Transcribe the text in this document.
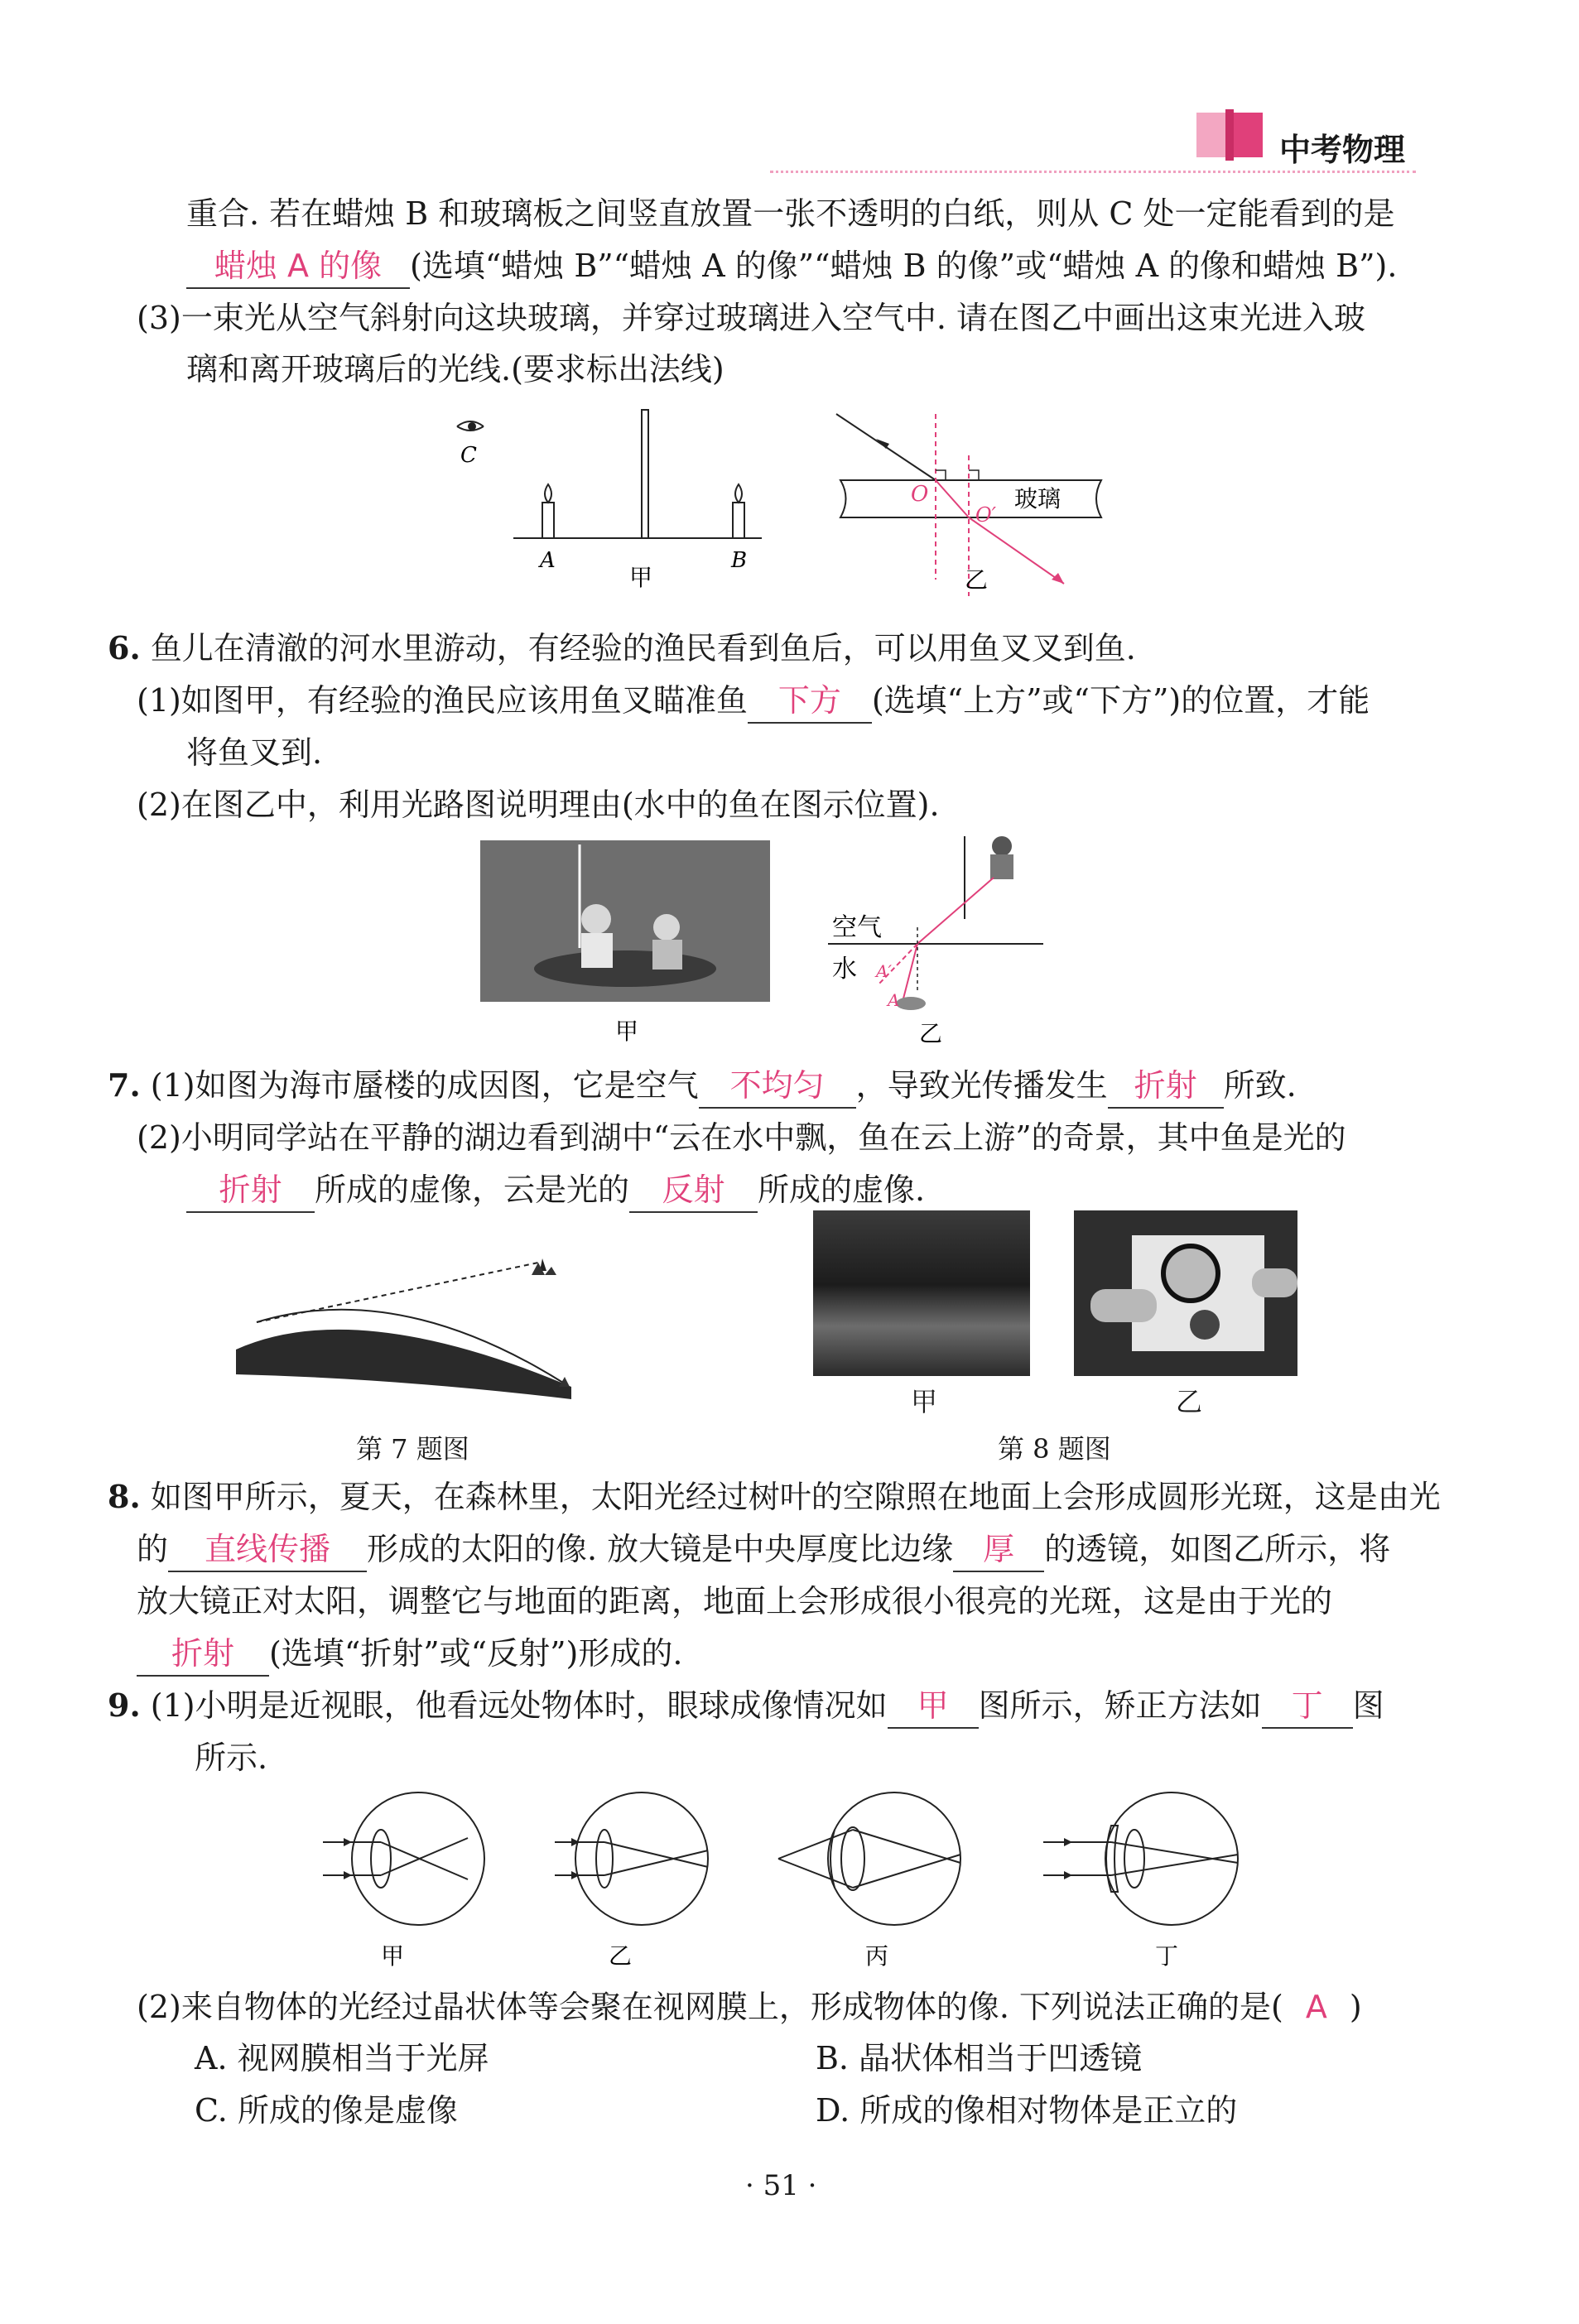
中考物理
重合. 若在蜡烛 B 和玻璃板之间竖直放置一张不透明的白纸，则从 C 处一定能看到的是
蜡烛 A 的像 (选填“蜡烛 B”“蜡烛 A 的像”“蜡烛 B 的像”或“蜡烛 A 的像和蜡烛 B”).
(3)一束光从空气斜射向这块玻璃，并穿过玻璃进入空气中. 请在图乙中画出这束光进入玻
璃和离开玻璃后的光线.(要求标出法线)
C
A	B
甲
O
O′
玻璃
乙
6. 鱼儿在清澈的河水里游动，有经验的渔民看到鱼后，可以用鱼叉叉到鱼.
(1)如图甲，有经验的渔民应该用鱼叉瞄准鱼 下方 (选填“上方”或“下方”)的位置，才能
将鱼叉到.
(2)在图乙中，利用光路图说明理由(水中的鱼在图示位置).
甲
空气
水 A′
A
乙
7. (1)如图为海市蜃楼的成因图，它是空气 不均匀 ，导致光传播发生 折射 所致.
(2)小明同学站在平静的湖边看到湖中“云在水中飘，鱼在云上游”的奇景，其中鱼是光的
折射 所成的虚像，云是光的 反射 所成的虚像.
第 7 题图
甲	乙
第 8 题图
8. 如图甲所示，夏天，在森林里，太阳光经过树叶的空隙照在地面上会形成圆形光斑，这是由光
的 直线传播 形成的太阳的像. 放大镜是中央厚度比边缘 厚 的透镜，如图乙所示，将
放大镜正对太阳，调整它与地面的距离，地面上会形成很小很亮的光斑，这是由于光的
折射 (选填“折射”或“反射”)形成的.
9. (1)小明是近视眼，他看远处物体时，眼球成像情况如 甲 图所示，矫正方法如 丁 图
所示.
甲	乙	丙	丁
(2)来自物体的光经过晶状体等会聚在视网膜上，形成物体的像. 下列说法正确的是( A )
A. 视网膜相当于光屏	B. 晶状体相当于凹透镜
C. 所成的像是虚像	D. 所成的像相对物体是正立的
· 51 ·
